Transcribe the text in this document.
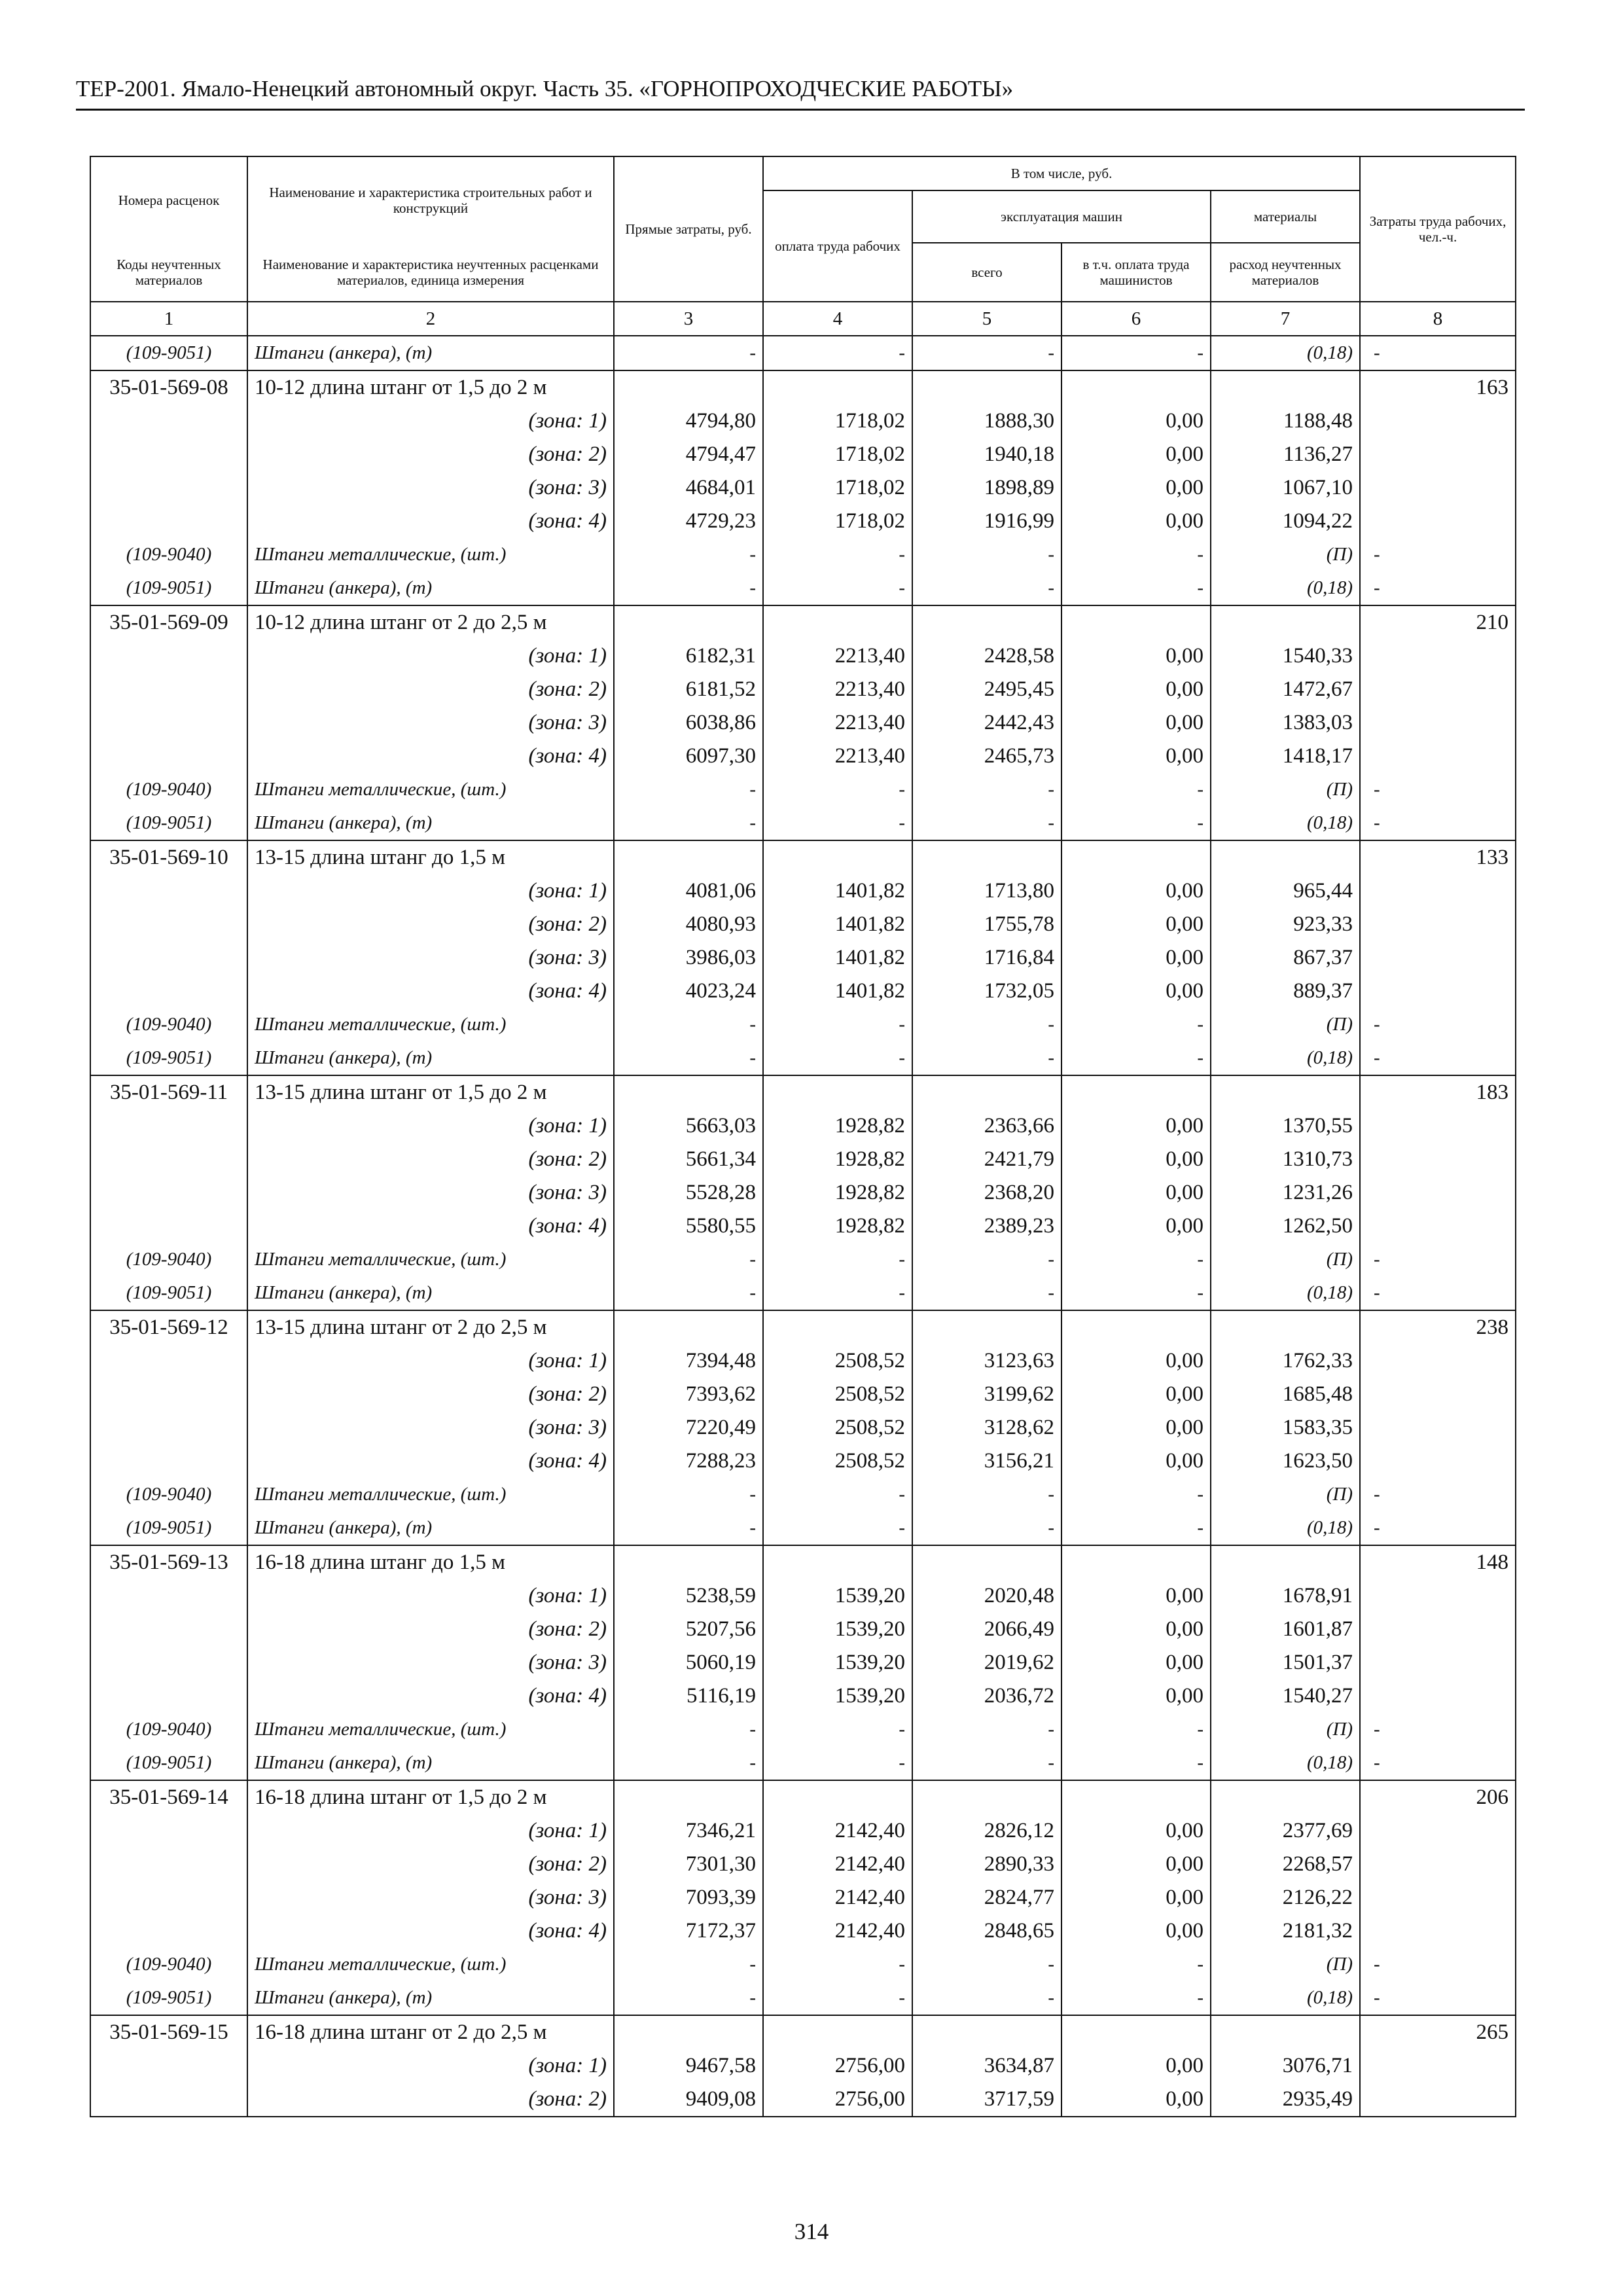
ТЕР-2001. Ямало-Ненецкий автономный округ. Часть 35. «ГОРНОПРОХОДЧЕСКИЕ РАБОТЫ»
Номера расценок	Наименование и характеристика строительных работ и конструкций	Прямые затраты, руб.	В том числе, руб.				Затраты труда рабочих, чел.-ч.
			оплата труда рабочих	эксплуатация машин		материалы	
Коды неучтенных материалов	Наименование и характеристика неучтенных расценками материалов, единица измерения			всего	в т.ч. оплата труда машинистов	расход неучтенных материалов	

1	2	3	4	5	6	7	8
(109-9051)	Штанги (анкера), (т)	-	-	-	-	(0,18)	-
35-01-569-08	10-12 длина штанг от 1,5 до 2 м						163
	(зона: 1)	4794,80	1718,02	1888,30	0,00	1188,48	
	(зона: 2)	4794,47	1718,02	1940,18	0,00	1136,27	
	(зона: 3)	4684,01	1718,02	1898,89	0,00	1067,10	
	(зона: 4)	4729,23	1718,02	1916,99	0,00	1094,22	
(109-9040)	Штанги металлические, (шт.)	-	-	-	-	(П)	-
(109-9051)	Штанги (анкера), (т)	-	-	-	-	(0,18)	-
35-01-569-09	10-12 длина штанг от 2 до 2,5 м						210
	(зона: 1)	6182,31	2213,40	2428,58	0,00	1540,33	
	(зона: 2)	6181,52	2213,40	2495,45	0,00	1472,67	
	(зона: 3)	6038,86	2213,40	2442,43	0,00	1383,03	
	(зона: 4)	6097,30	2213,40	2465,73	0,00	1418,17	
(109-9040)	Штанги металлические, (шт.)	-	-	-	-	(П)	-
(109-9051)	Штанги (анкера), (т)	-	-	-	-	(0,18)	-
35-01-569-10	13-15 длина штанг до 1,5 м						133
	(зона: 1)	4081,06	1401,82	1713,80	0,00	965,44	
	(зона: 2)	4080,93	1401,82	1755,78	0,00	923,33	
	(зона: 3)	3986,03	1401,82	1716,84	0,00	867,37	
	(зона: 4)	4023,24	1401,82	1732,05	0,00	889,37	
(109-9040)	Штанги металлические, (шт.)	-	-	-	-	(П)	-
(109-9051)	Штанги (анкера), (т)	-	-	-	-	(0,18)	-
35-01-569-11	13-15 длина штанг от 1,5 до 2 м						183
	(зона: 1)	5663,03	1928,82	2363,66	0,00	1370,55	
	(зона: 2)	5661,34	1928,82	2421,79	0,00	1310,73	
	(зона: 3)	5528,28	1928,82	2368,20	0,00	1231,26	
	(зона: 4)	5580,55	1928,82	2389,23	0,00	1262,50	
(109-9040)	Штанги металлические, (шт.)	-	-	-	-	(П)	-
(109-9051)	Штанги (анкера), (т)	-	-	-	-	(0,18)	-
35-01-569-12	13-15 длина штанг от 2 до 2,5 м						238
	(зона: 1)	7394,48	2508,52	3123,63	0,00	1762,33	
	(зона: 2)	7393,62	2508,52	3199,62	0,00	1685,48	
	(зона: 3)	7220,49	2508,52	3128,62	0,00	1583,35	
	(зона: 4)	7288,23	2508,52	3156,21	0,00	1623,50	
(109-9040)	Штанги металлические, (шт.)	-	-	-	-	(П)	-
(109-9051)	Штанги (анкера), (т)	-	-	-	-	(0,18)	-
35-01-569-13	16-18 длина штанг до 1,5 м						148
	(зона: 1)	5238,59	1539,20	2020,48	0,00	1678,91	
	(зона: 2)	5207,56	1539,20	2066,49	0,00	1601,87	
	(зона: 3)	5060,19	1539,20	2019,62	0,00	1501,37	
	(зона: 4)	5116,19	1539,20	2036,72	0,00	1540,27	
(109-9040)	Штанги металлические, (шт.)	-	-	-	-	(П)	-
(109-9051)	Штанги (анкера), (т)	-	-	-	-	(0,18)	-
35-01-569-14	16-18 длина штанг от 1,5 до 2 м						206
	(зона: 1)	7346,21	2142,40	2826,12	0,00	2377,69	
	(зона: 2)	7301,30	2142,40	2890,33	0,00	2268,57	
	(зона: 3)	7093,39	2142,40	2824,77	0,00	2126,22	
	(зона: 4)	7172,37	2142,40	2848,65	0,00	2181,32	
(109-9040)	Штанги металлические, (шт.)	-	-	-	-	(П)	-
(109-9051)	Штанги (анкера), (т)	-	-	-	-	(0,18)	-
35-01-569-15	16-18 длина штанг от 2 до 2,5 м						265
	(зона: 1)	9467,58	2756,00	3634,87	0,00	3076,71	
	(зона: 2)	9409,08	2756,00	3717,59	0,00	2935,49	
314
